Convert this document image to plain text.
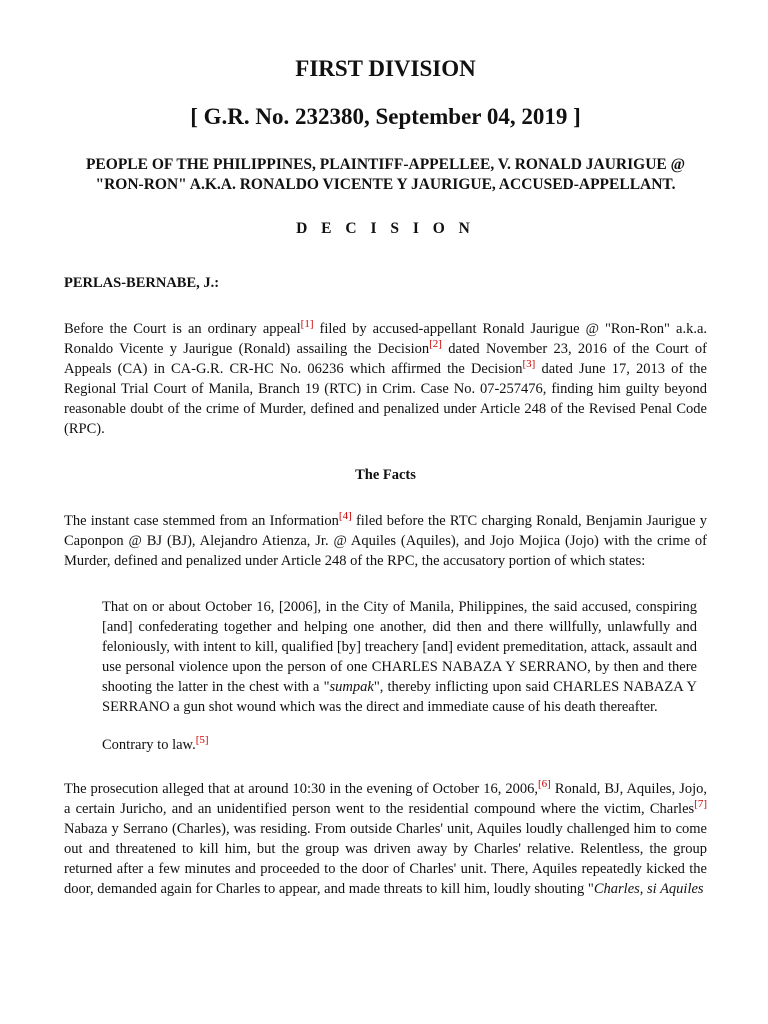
FIRST DIVISION
[ G.R. No. 232380, September 04, 2019 ]
PEOPLE OF THE PHILIPPINES, PLAINTIFF-APPELLEE, V. RONALD JAURIGUE @ "RON-RON" A.K.A. RONALDO VICENTE Y JAURIGUE, ACCUSED-APPELLANT.
D E C I S I O N
PERLAS-BERNABE, J.:

Before the Court is an ordinary appeal[1] filed by accused-appellant Ronald Jaurigue @ "Ron-Ron" a.k.a. Ronaldo Vicente y Jaurigue (Ronald) assailing the Decision[2] dated November 23, 2016 of the Court of Appeals (CA) in CA-G.R. CR-HC No. 06236 which affirmed the Decision[3] dated June 17, 2013 of the Regional Trial Court of Manila, Branch 19 (RTC) in Crim. Case No. 07-257476, finding him guilty beyond reasonable doubt of the crime of Murder, defined and penalized under Article 248 of the Revised Penal Code (RPC).

The Facts

The instant case stemmed from an Information[4] filed before the RTC charging Ronald, Benjamin Jaurigue y Caponpon @ BJ (BJ), Alejandro Atienza, Jr. @ Aquiles (Aquiles), and Jojo Mojica (Jojo) with the crime of Murder, defined and penalized under Article 248 of the RPC, the accusatory portion of which states:

That on or about October 16, [2006], in the City of Manila, Philippines, the said accused, conspiring [and] confederating together and helping one another, did then and there willfully, unlawfully and feloniously, with intent to kill, qualified [by] treachery [and] evident premeditation, attack, assault and use personal violence upon the person of one CHARLES NABAZA Y SERRANO, by then and there shooting the latter in the chest with a "sumpak", thereby inflicting upon said CHARLES NABAZA Y SERRANO a gun shot wound which was the direct and immediate cause of his death thereafter.

Contrary to law.[5]

The prosecution alleged that at around 10:30 in the evening of October 16, 2006,[6] Ronald, BJ, Aquiles, Jojo, a certain Juricho, and an unidentified person went to the residential compound where the victim, Charles[7] Nabaza y Serrano (Charles), was residing. From outside Charles' unit, Aquiles loudly challenged him to come out and threatened to kill him, but the group was driven away by Charles' relative. Relentless, the group returned after a few minutes and proceeded to the door of Charles' unit. There, Aquiles repeatedly kicked the door, demanded again for Charles to appear, and made threats to kill him, loudly shouting "Charles, si Aquiles
